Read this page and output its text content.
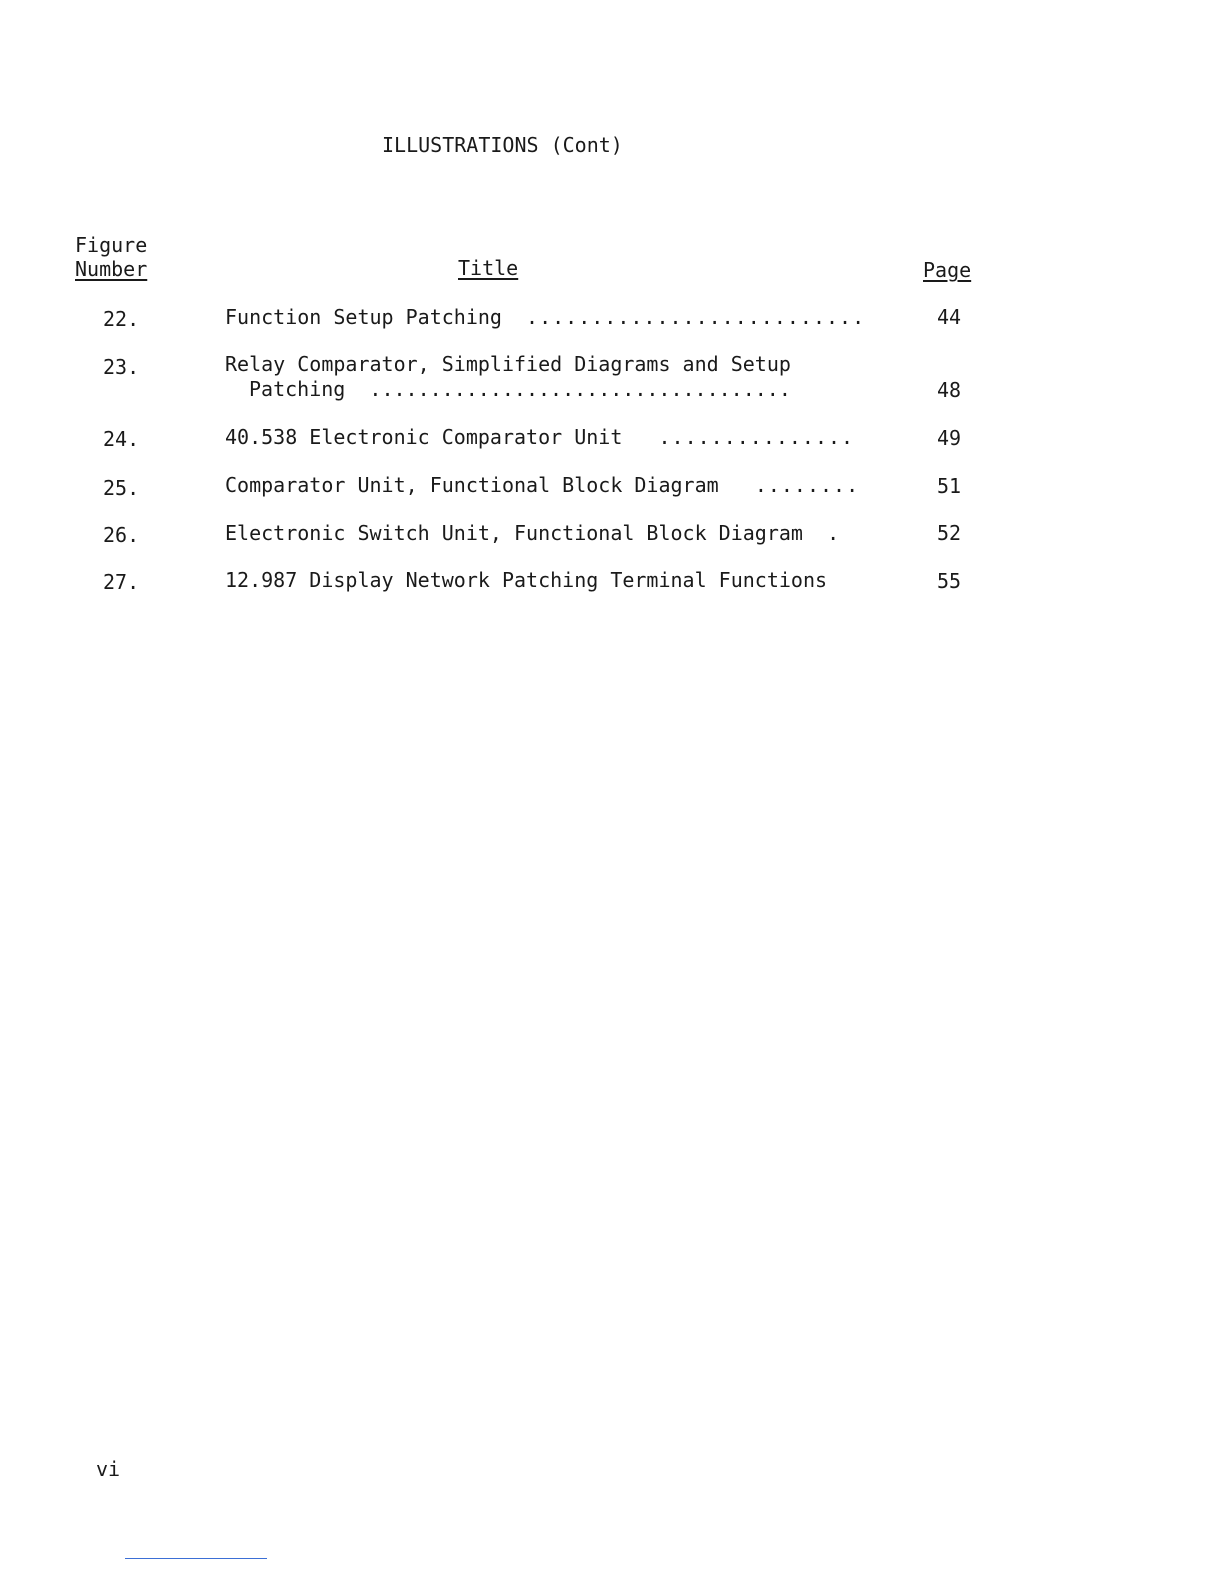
ILLUSTRATIONS (Cont)
Figure
Number	Title	Page
22.	Function Setup Patching ..........................	44
23.	Relay Comparator, Simplified Diagrams and Setup
Patching ...................................	48
24.	40.538 Electronic Comparator Unit ...............	49
25.	Comparator Unit, Functional Block Diagram ........	51
26.	Electronic Switch Unit, Functional Block Diagram .	52
27.	12.987 Display Network Patching Terminal Functions	55
vi
